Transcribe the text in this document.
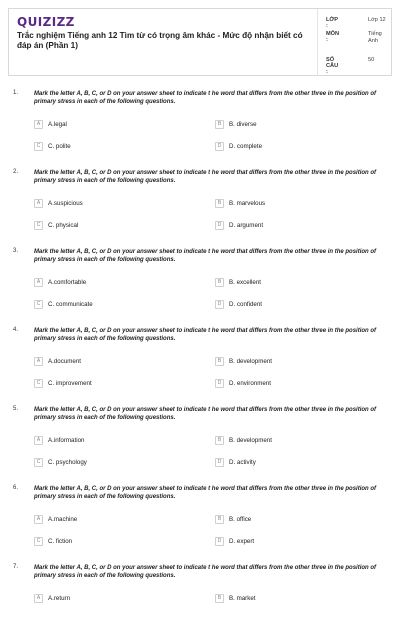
QUIZIZZ
Trắc nghiệm Tiếng anh 12 Tìm từ có trọng âm khác - Mức độ nhận biết có đáp án (Phần 1)
LỚP :
Lớp 12
MÔN :
Tiếng Anh
SỐ CÂU :
50
1.	Mark the letter A, B, C, or D on your answer sheet to indicate t he word that differs from the other three in the position of primary stress in each of the following questions.
A	A.legal	B	B. diverse
C	C. polite	D	D. complete
2.	Mark the letter A, B, C, or D on your answer sheet to indicate t he word that differs from the other three in the position of primary stress in each of the following questions.
A	A.suspicious	B	B. marvelous
C	C. physical	D	D. argument
3.	Mark the letter A, B, C, or D on your answer sheet to indicate t he word that differs from the other three in the position of primary stress in each of the following questions.
A	A.comfortable	B	B. excellent
C	C. communicate	D	D. confident
4.	Mark the letter A, B, C, or D on your answer sheet to indicate t he word that differs from the other three in the position of primary stress in each of the following questions.
A	A.document	B	B. development
C	C. improvement	D	D. environment
5.	Mark the letter A, B, C, or D on your answer sheet to indicate t he word that differs from the other three in the position of primary stress in each of the following questions.
A	A.information	B	B. development
C	C. psychology	D	D. activity
6.	Mark the letter A, B, C, or D on your answer sheet to indicate t he word that differs from the other three in the position of primary stress in each of the following questions.
A	A.machine	B	B. office
C	C. fiction	D	D. expert
7.	Mark the letter A, B, C, or D on your answer sheet to indicate t he word that differs from the other three in the position of primary stress in each of the following questions.
A	A.return	B	B. market
